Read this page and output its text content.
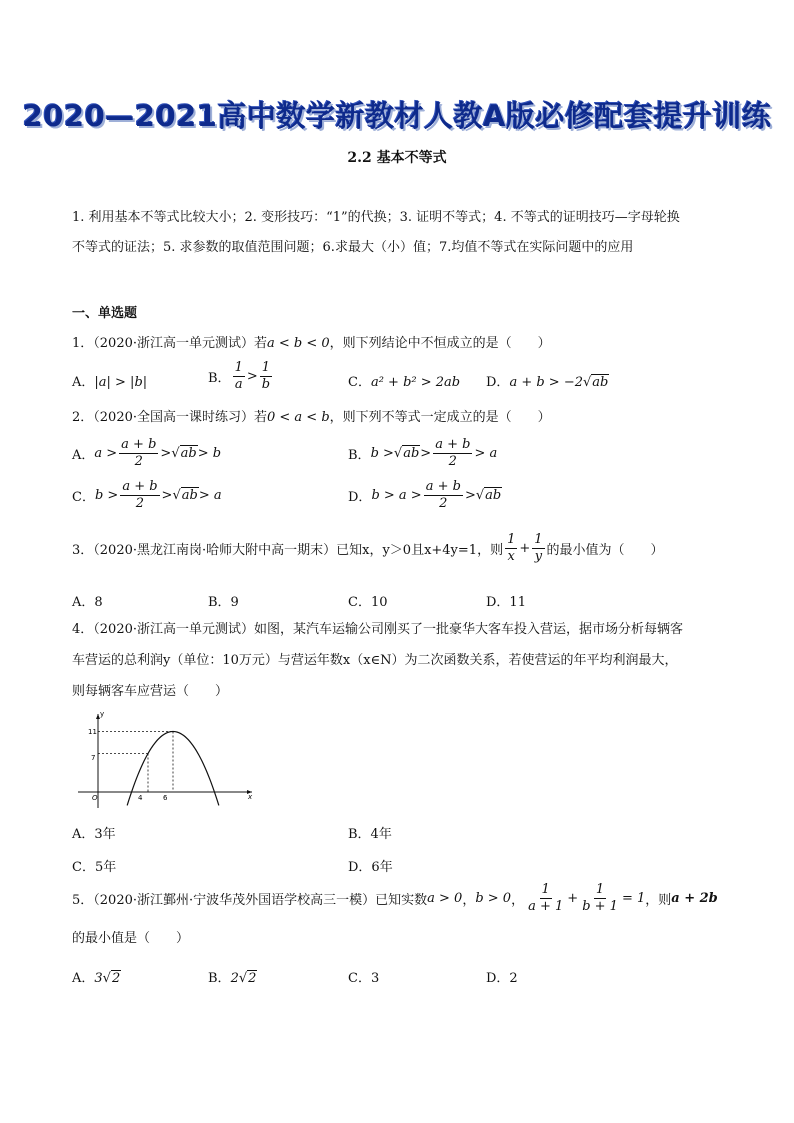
2020—2021高中数学新教材人教A版必修配套提升训练
2.2 基本不等式
1. 利用基本不等式比较大小；2. 变形技巧：“1”的代换；3. 证明不等式；4. 不等式的证明技巧—字母轮换
不等式的证法；5. 求参数的取值范围问题；6.求最大（小）值；7.均值不等式在实际问题中的应用
一、单选题
1．（2020·浙江高一单元测试）若a < b < 0，则下列结论中不恒成立的是（　　）
A．|a| > |b|	B． $\frac{1}{a} > \frac{1}{b}$	C．a² + b² > 2ab D．a + b > −2√ab
2．（2020·全国高一课时练习）若0 < a < b，则下列不等式一定成立的是（　　）
A．$a > \frac{a + b}{2} >√ab> b$	B．$b >√ab> \frac{a + b}{2} > a$
C．$b > \frac{a + b}{2} >√ab> a$	D．$b > a > \frac{a + b}{2} >√ab$
3．（2020·黑龙江南岗·哈师大附中高一期末）已知x，y＞0且x+4y=1，则 $\frac{1}{x} + \frac{1}{y}$ 的最小值为（　　）
A．8	B．9	C．10	D．11
4．（2020·浙江高一单元测试）如图，某汽车运输公司刚买了一批豪华大客车投入营运，据市场分析每辆客
车营运的总利润y（单位：10万元）与营运年数x（x∈N）为二次函数关系，若使营运的年平均利润最大，
则每辆客车应营运（　　）
y
x
O
11
7
4	6
A．3年	B．4年
C．5年	D．6年
5．（2020·浙江鄞州·宁波华茂外国语学校高三一模）已知实数a > 0，b > 0， $\frac{1}{a + 1} + \frac{1}{b + 1} = 1$，则a + 2b
的最小值是（　　）
A．3√2	B．2√2	C．3	D．2
